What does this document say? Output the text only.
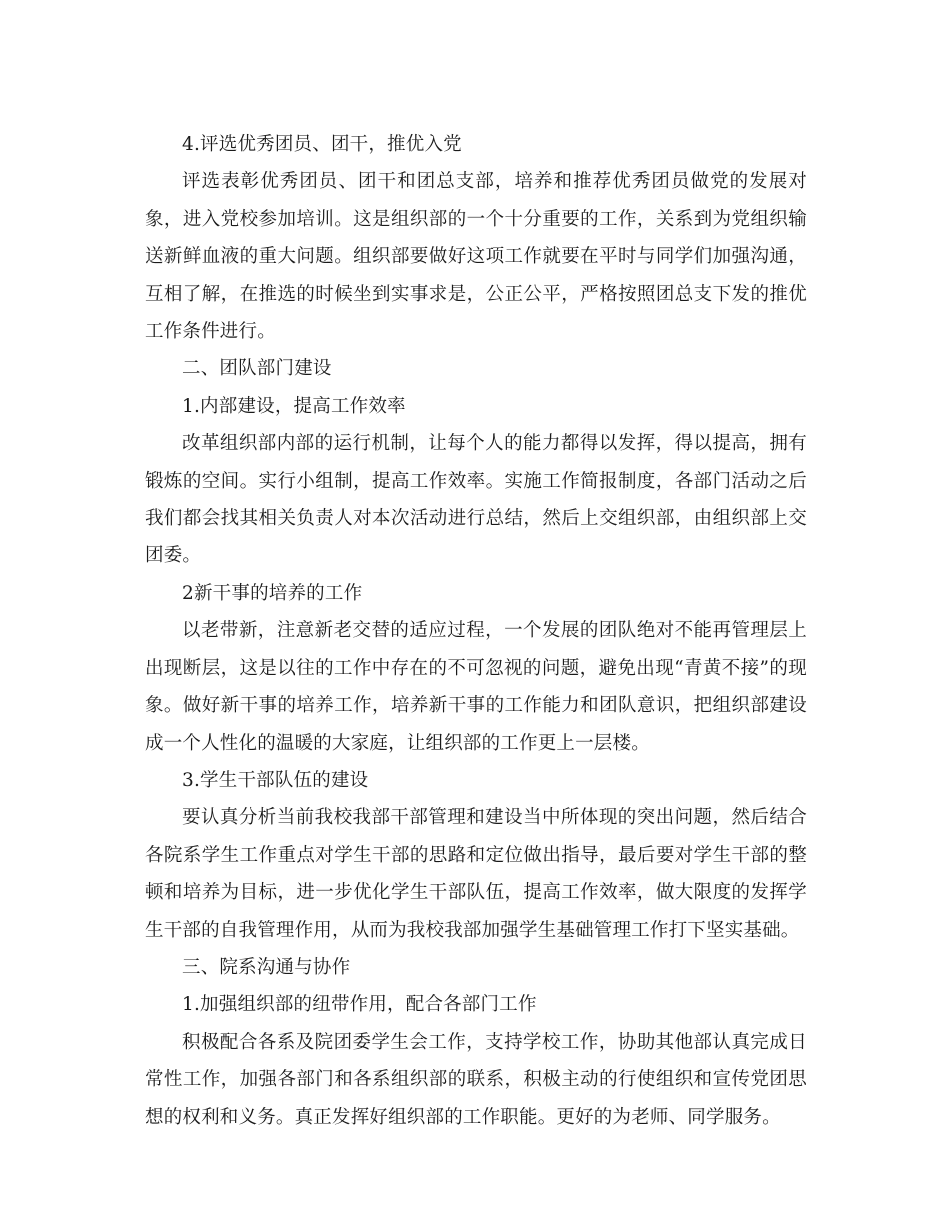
4.评选优秀团员、团干，推优入党

评选表彰优秀团员、团干和团总支部，培养和推荐优秀团员做党的发展对象，进入党校参加培训。这是组织部的一个十分重要的工作，关系到为党组织输送新鲜血液的重大问题。组织部要做好这项工作就要在平时与同学们加强沟通，互相了解，在推选的时候坐到实事求是，公正公平，严格按照团总支下发的推优工作条件进行。

二、团队部门建设

1.内部建设，提高工作效率

改革组织部内部的运行机制，让每个人的能力都得以发挥，得以提高，拥有锻炼的空间。实行小组制，提高工作效率。实施工作简报制度，各部门活动之后我们都会找其相关负责人对本次活动进行总结，然后上交组织部，由组织部上交团委。

2新干事的培养的工作

以老带新，注意新老交替的适应过程，一个发展的团队绝对不能再管理层上出现断层，这是以往的工作中存在的不可忽视的问题，避免出现“青黄不接”的现象。做好新干事的培养工作，培养新干事的工作能力和团队意识，把组织部建设成一个人性化的温暖的大家庭，让组织部的工作更上一层楼。

3.学生干部队伍的建设

要认真分析当前我校我部干部管理和建设当中所体现的突出问题，然后结合各院系学生工作重点对学生干部的思路和定位做出指导，最后要对学生干部的整顿和培养为目标，进一步优化学生干部队伍，提高工作效率，做大限度的发挥学生干部的自我管理作用，从而为我校我部加强学生基础管理工作打下坚实基础。

三、院系沟通与协作

1.加强组织部的纽带作用，配合各部门工作

积极配合各系及院团委学生会工作，支持学校工作，协助其他部认真完成日常性工作，加强各部门和各系组织部的联系，积极主动的行使组织和宣传党团思想的权利和义务。真正发挥好组织部的工作职能。更好的为老师、同学服务。
